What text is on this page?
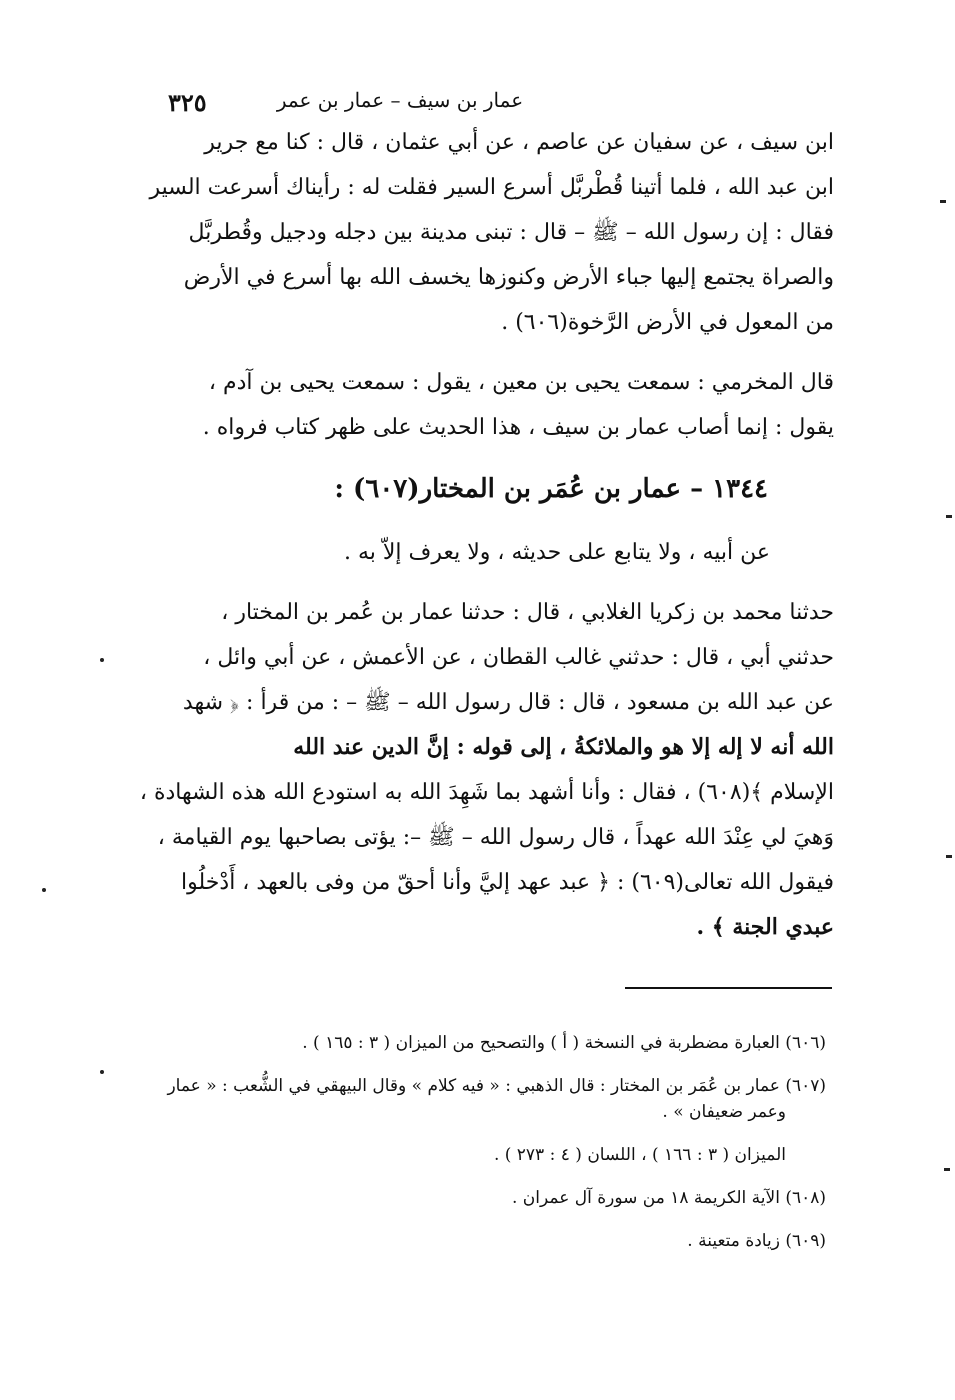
٣٢٥	عمار بن سيف – عمار بن عمر

ابن سيف ، عن سفيان عن عاصم ، عن أبي عثمان ، قال : كنا مع جرير

ابن عبد الله ، فلما أتينا قُطْربَّل أسرع السير فقلت له : رأيناك أسرعت السير

فقال : إن رسول الله – ﷺ – قال : تبنى مدينة بين دجله ودجيل وقُطربَّل

والصراة يجتمع إليها جباء الأرض وكنوزها يخسف الله بها أسرع في الأرض

من المعول في الأرض الرَّخوة(٦٠٦) .

قال المخرمي : سمعت يحيى بن معين ، يقول : سمعت يحيى بن آدم ،

يقول : إنما أصاب عمار بن سيف ، هذا الحديث على ظهر كتاب فرواه .

١٣٤٤ – عمار بن عُمَر بن المختار(٦٠٧) :

عن أبيه ، ولا يتابع على حديثه ، ولا يعرف إلاّ به .

حدثنا محمد بن زكريا الغلابي ، قال : حدثنا عمار بن عُمر بن المختار ،

حدثني أبي ، قال : حدثني غالب القطان ، عن الأعمش ، عن أبي وائل ،

عن عبد الله بن مسعود ، قال : قال رسول الله – ﷺ – : من قرأ : ﴿ شهد

الله أنه لا إله إلا هو والملائكةُ ، إلى قوله : إنَّ الدين عند الله

الإسلام ﴾(٦٠٨) ، فقال : وأنا أشهد بما شَهِدَ الله به استودع الله هذه الشهادة ،

وَهيَ لي عِنْدَ الله عهداً ، قال رسول الله – ﷺ –: يؤتى بصاحبها يوم القيامة ،

فيقول الله تعالى(٦٠٩) : ﴿ عبد عهد إليَّ وأنا أحقّ من وفى بالعهد ، أَدْخلُوا

عبدي الجنة ﴾ .

(٦٠٦) العبارة مضطربة في النسخة ( أ ) والتصحيح من الميزان ( ٣ : ١٦٥ ) .

(٦٠٧) عمار بن عُمَر بن المختار : قال الذهبي : « فيه كلام » وقال البيهقي في الشُّعب : « عمار

وعمر ضعيفان » .

الميزان ( ٣ : ١٦٦ ) ، اللسان ( ٤ : ٢٧٣ ) .

(٦٠٨) الآية الكريمة ١٨ من سورة آل عمران .

(٦٠٩) زيادة متعينة .
